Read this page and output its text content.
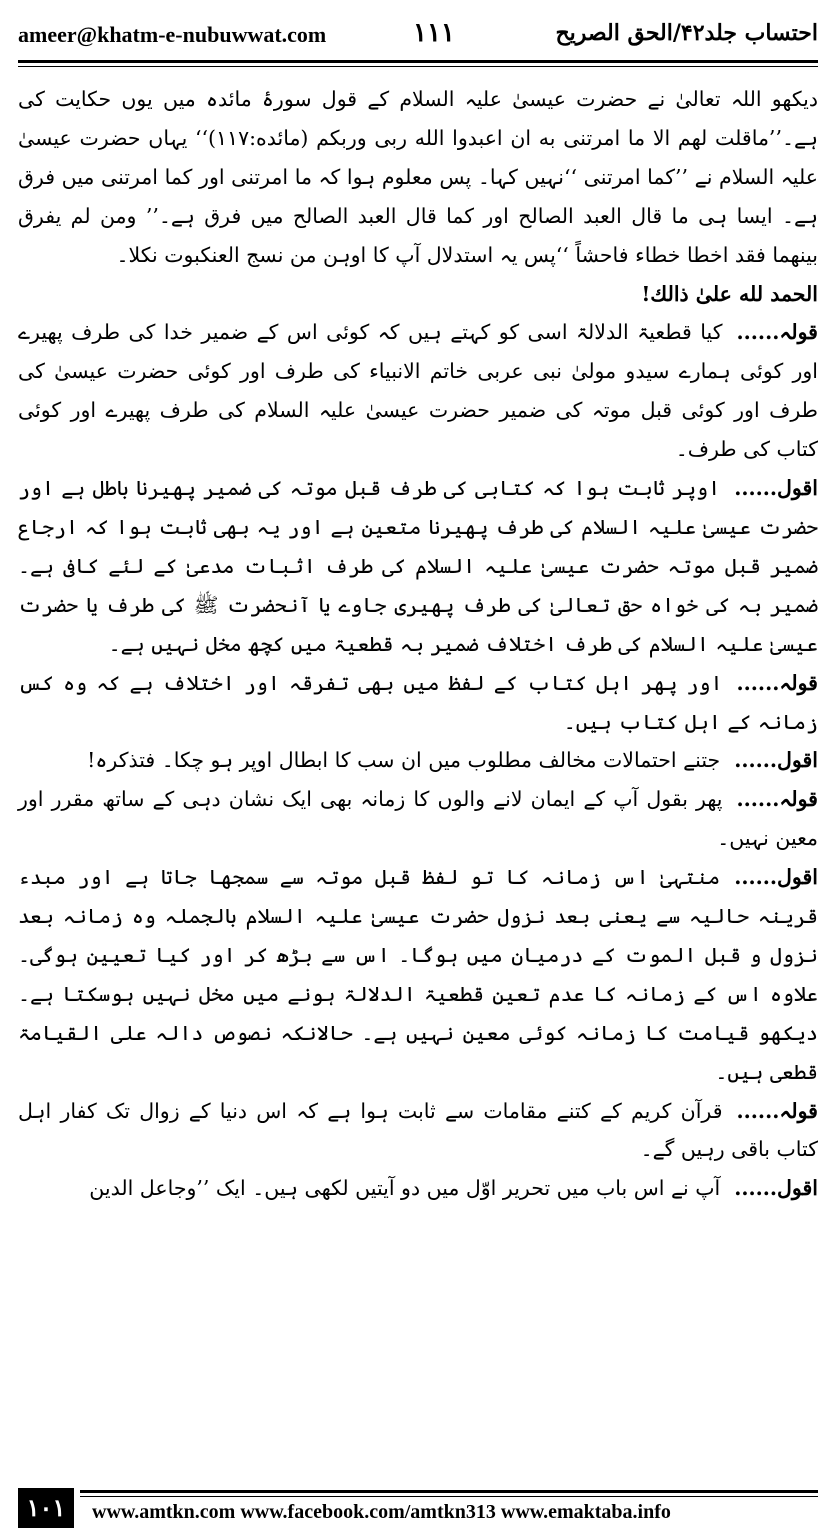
ameer@khatm-e-nubuwwat.com	۱۱۱	احتساب جلد۴۲/الحق الصریح

دیکھو اللہ تعالیٰ نے حضرت عیسیٰ علیہ السلام کے قول سورۂ مائدہ میں یوں حکایت کی ہے۔’’ماقلت لهم الا ما امرتنى به ان اعبدوا الله ربى وربكم (مائده:۱۱۷)‘‘ یہاں حضرت عیسیٰ علیہ السلام نے ’’کما امرتنی ‘‘نہیں کہا۔ پس معلوم ہوا کہ ما امرتنی اور کما امرتنی میں فرق ہے۔ ایسا ہی ما قال العبد الصالح اور کما قال العبد الصالح میں فرق ہے۔’’ ومن لم يفرق بينهما فقد اخطا خطاء فاحشاً ‘‘پس یہ استدلال آپ کا اوہن من نسج العنکبوت نکلا۔

الحمد لله علىٰ ذالك!

قولہ......کیا قطعیۃ الدلالۃ اسی کو کہتے ہیں کہ کوئی اس کے ضمیر خدا کی طرف پھیرے اور کوئی ہمارے سیدو مولیٰ نبی عربی خاتم الانبیاء کی طرف اور کوئی حضرت عیسیٰ کی طرف اور کوئی قبل موتہ کی ضمیر حضرت عیسیٰ علیہ السلام کی طرف پھیرے اور کوئی کتاب کی طرف۔

اقول......اوپر ثابت ہوا کہ کتابی کی طرف قبل موتہ کی ضمیر پھیرنا باطل ہے اور حضرت عیسیٰ علیہ السلام کی طرف پھیرنا متعین ہے اور یہ بھی ثابت ہوا کہ ارجاع ضمیر قبل موتہ حضرت عیسیٰ علیہ السلام کی طرف اثبات مدعیٰ کے لئے کافی ہے۔ ضمیر بہ کی خواہ حق تعالیٰ کی طرف پھیری جاوے یا آنحضرت ﷺ کی طرف یا حضرت عیسیٰ علیہ السلام کی طرف اختلاف ضمیر بہ قطعیۃ میں کچھ مخل نہیں ہے۔

قولہ......اور پھر اہل کتاب کے لفظ میں بھی تفرقہ اور اختلاف ہے کہ وہ کس زمانہ کے اہل کتاب ہیں۔

اقول......جتنے احتمالات مخالف مطلوب میں ان سب کا ابطال اوپر ہو چکا۔ فتذکرہ!

قولہ......پھر بقول آپ کے ایمان لانے والوں کا زمانہ بھی ایک نشان دہی کے ساتھ مقرر اور معین نہیں۔

اقول......منتہیٰ اس زمانہ کا تو لفظ قبل موتہ سے سمجھا جاتا ہے اور مبدء قرینہ حالیہ سے یعنی بعد نزول حضرت عیسیٰ علیہ السلام بالجملہ وہ زمانہ بعد نزول و قبل الموت کے درمیان میں ہوگا۔ اس سے بڑھ کر اور کیا تعیین ہوگی۔ علاوہ اس کے زمانہ کا عدم تعین قطعیۃ الدلالۃ ہونے میں مخل نہیں ہوسکتا ہے۔ دیکھو قیامت کا زمانہ کوئی معین نہیں ہے۔ حالانکہ نصوص دالہ علی القیامۃ قطعی ہیں۔

قولہ......قرآن کریم کے کتنے مقامات سے ثابت ہوا ہے کہ اس دنیا کے زوال تک کفار اہل کتاب باقی رہیں گے۔

اقول......آپ نے اس باب میں تحریر اوّل میں دو آیتیں لکھی ہیں۔ ایک ’’وجاعل الدين

۱۰۱	www.amtkn.com www.facebook.com/amtkn313 www.emaktaba.info
